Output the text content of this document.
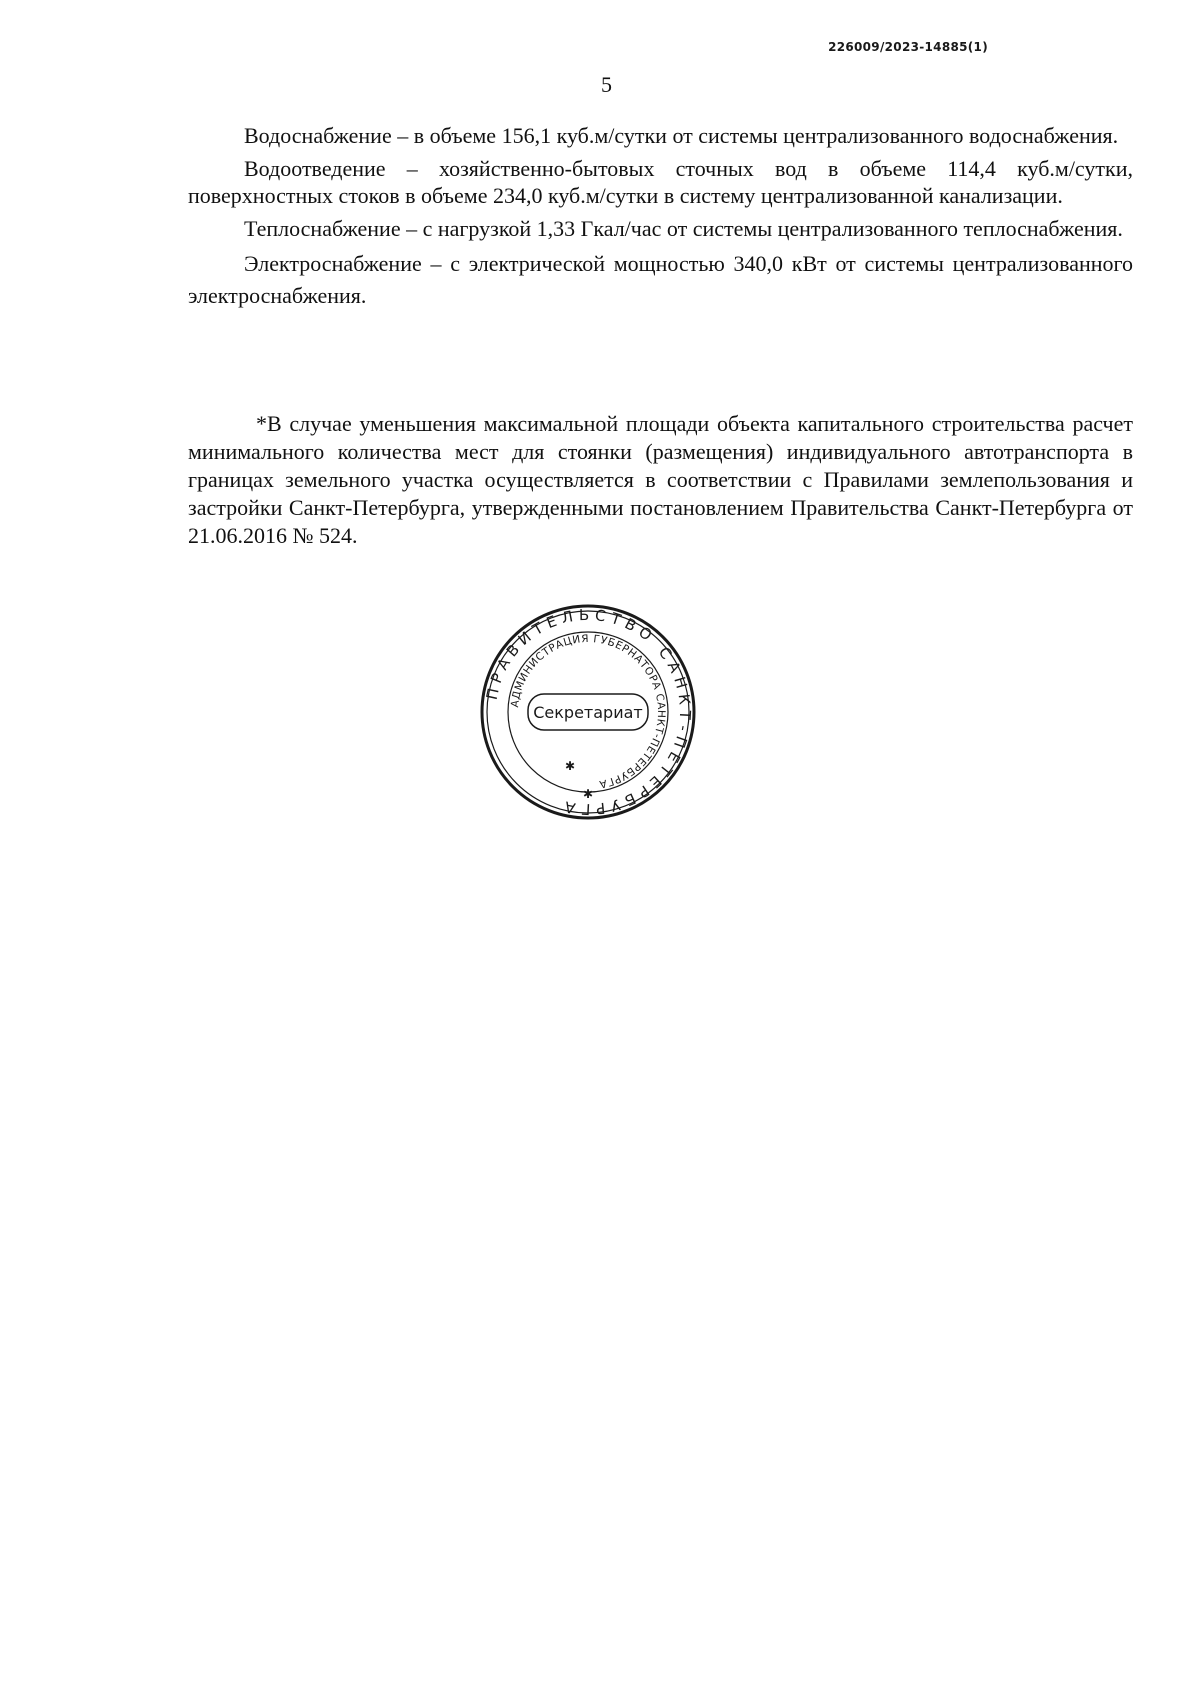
226009/2023-14885(1)
5

Водоснабжение – в объеме 156,1 куб.м/сутки от системы централизованного водоснабжения.

Водоотведение – хозяйственно-бытовых сточных вод в объеме 114,4 куб.м/сутки, поверхностных стоков в объеме 234,0 куб.м/сутки в систему централизованной канализации.

Теплоснабжение – с нагрузкой 1,33 Гкал/час от системы централизованного теплоснабжения.

Электроснабжение – с электрической мощностью 340,0 кВт от системы централизованного электроснабжения.

*В случае уменьшения максимальной площади объекта капитального строительства расчет минимального количества мест для стоянки (размещения) индивидуального автотранспорта в границах земельного участка осуществляется в соответствии с Правилами землепользования и застройки Санкт-Петербурга, утвержденными постановлением Правительства Санкт-Петербурга от 21.06.2016 № 524.

ПРАВИТЕЛЬСТВО САНКТ-ПЕТЕРБУРГА
АДМИНИСТРАЦИЯ ГУБЕРНАТОРА САНКТ-ПЕТЕРБУРГА
Секретариат
✱
✱
